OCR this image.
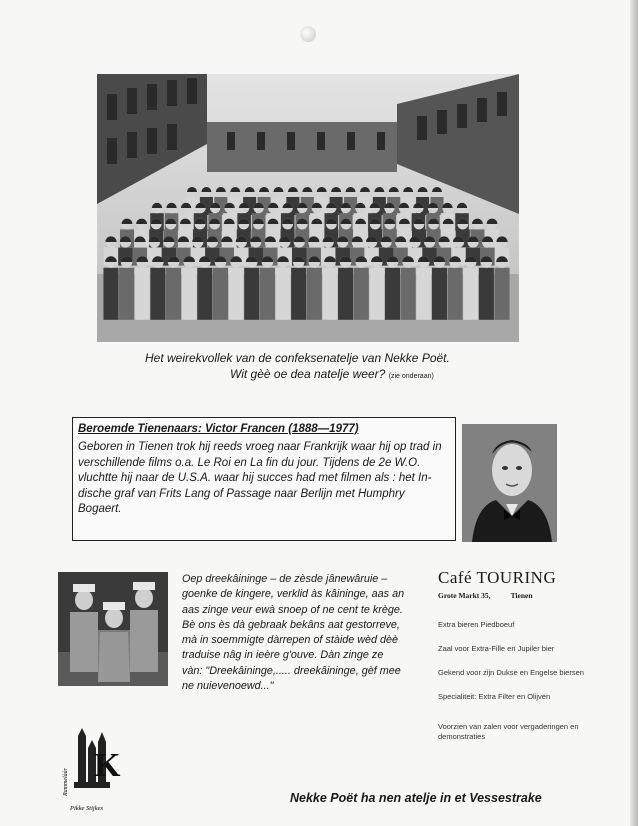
Het weirekvollek van de confeksenatelje van Nekke Poët.
Wit gèè oe dea natelje weer? (zie onderaan)
Beroemde Tienenaars: Victor Francen (1888—1977)
Geboren in Tienen trok hij reeds vroeg naar Frankrijk waar hij op trad in
verschillende films o.a. Le Roi en La fin du jour. Tijdens de 2e W.O.
vluchtte hij naar de U.S.A. waar hij succes had met filmen als : het In-
dische graf van Frits Lang of Passage naar Berlijn met Humphry Bogaert.
Oep dreekâininge – de zèsde jânewâruie –
goenke de kingere, verklid às kâininge, aas an
aas zinge veur ewà snoep of ne cent te krège.
Bè ons ès dà gebraak bekâns aat gestorreve,
mà in soemmigte dàrrepen of stàide wèd dèè
traduise nâg in ieère g'ouve. Dàn zinge ze
vàn: "Dreekâininge,..... dreekâininge, gèf mee
ne nuievenoewd..."
Café TOURING
Grote Markt 35,	Tienen
Extra bieren Piedboeuf
Zaal voor Extra-Fille en Jupiler bier
Gekend voor zijn Dukse en Engelse biersen
Specialiteit: Extra Filter en Olijven
Voorzien van zalen voor vergaderingen en demonstraties
K
Rammelààr
Pikke Stijkes
Nekke Poët ha nen atelje in et Vessestrake
